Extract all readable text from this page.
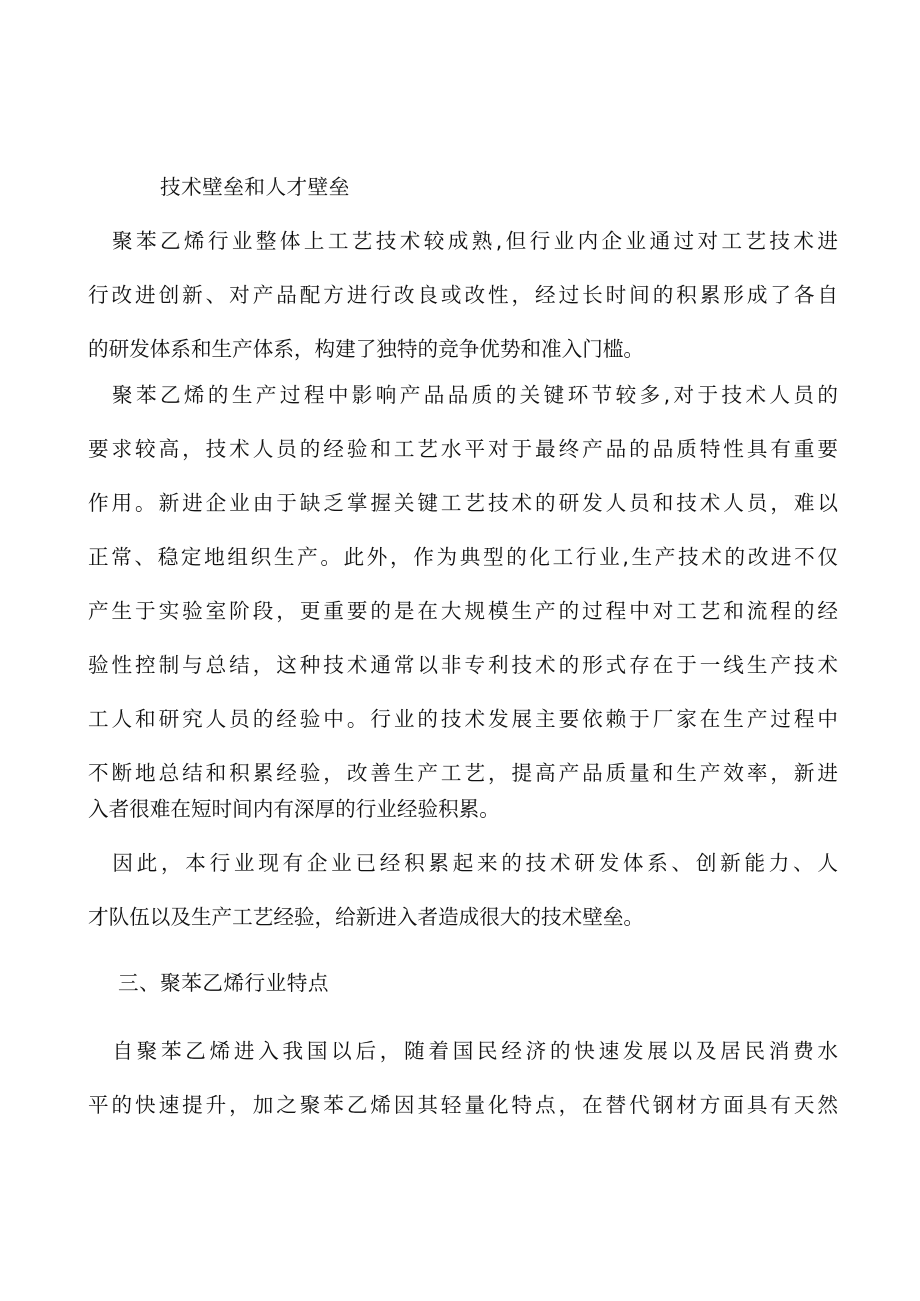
技术壁垒和人才壁垒
　聚苯乙烯行业整体上工艺技术较成熟,但行业内企业通过对工艺技术进
行改进创新、对产品配方进行改良或改性，经过长时间的积累形成了各自
的研发体系和生产体系，构建了独特的竞争优势和准入门槛。
　聚苯乙烯的生产过程中影响产品品质的关键环节较多,对于技术人员的
要求较高，技术人员的经验和工艺水平对于最终产品的品质特性具有重要
作用。新进企业由于缺乏掌握关键工艺技术的研发人员和技术人员，难以
正常、稳定地组织生产。此外，作为典型的化工行业,生产技术的改进不仅
产生于实验室阶段，更重要的是在大规模生产的过程中对工艺和流程的经
验性控制与总结，这种技术通常以非专利技术的形式存在于一线生产技术
工人和研究人员的经验中。行业的技术发展主要依赖于厂家在生产过程中
不断地总结和积累经验，改善生产工艺，提高产品质量和生产效率，新进
入者很难在短时间内有深厚的行业经验积累。
　因此，本行业现有企业已经积累起来的技术研发体系、创新能力、人
才队伍以及生产工艺经验，给新进入者造成很大的技术壁垒。
三、聚苯乙烯行业特点
　自聚苯乙烯进入我国以后，随着国民经济的快速发展以及居民消费水
平的快速提升，加之聚苯乙烯因其轻量化特点，在替代钢材方面具有天然
